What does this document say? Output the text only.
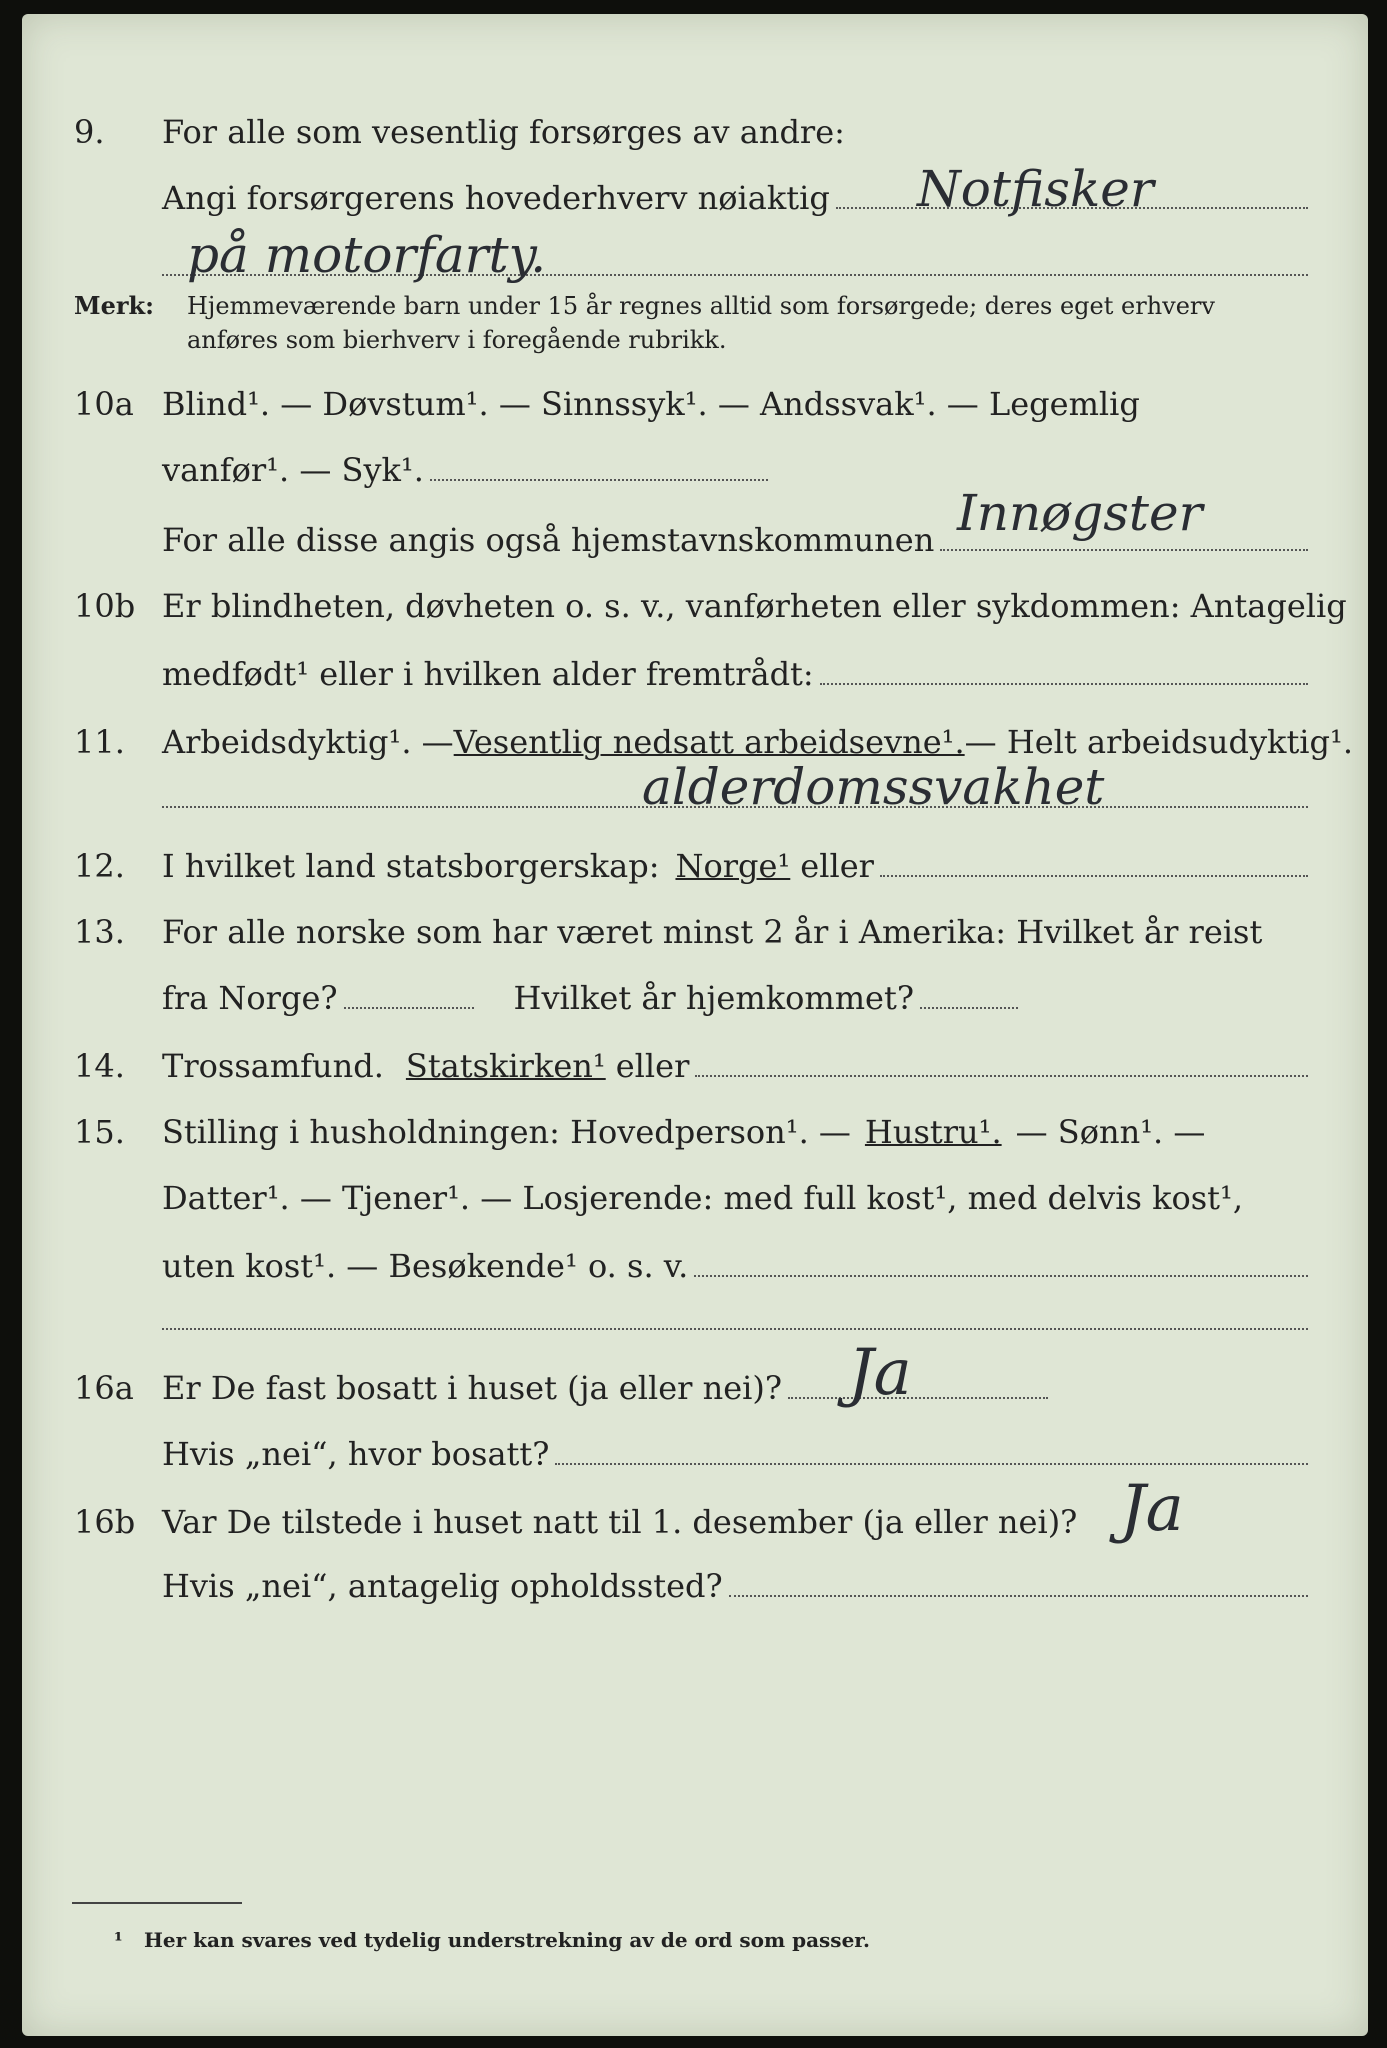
9. For alle som vesentlig forsørges av andre:
Angi forsørgerens hovederhverv nøiaktig Notfisker
på motorfarty.
Merk: Hjemmeværende barn under 15 år regnes alltid som forsørgede; deres eget erhverv
anføres som bierhverv i foregående rubrikk.
10a Blind¹. — Døvstum¹. — Sinnssyk¹. — Andssvak¹. — Legemlig
vanfør¹. — Syk¹.
For alle disse angis også hjemstavnskommunen Innøgster
10b Er blindheten, døvheten o. s. v., vanførheten eller sykdommen: Antagelig
medfødt¹ eller i hvilken alder fremtrådt:
11. Arbeidsdyktig¹. — Vesentlig nedsatt arbeidsevne¹. — Helt arbeidsudyktig¹.
alderdomssvakhet
12. I hvilket land statsborgerskap: Norge¹ eller
13. For alle norske som har været minst 2 år i Amerika: Hvilket år reist
fra Norge?	Hvilket år hjemkommet?
14. Trossamfund. Statskirken¹ eller
15. Stilling i husholdningen: Hovedperson¹. — Hustru¹. — Sønn¹. —
Datter¹. — Tjener¹. — Losjerende: med full kost¹, med delvis kost¹,
uten kost¹. — Besøkende¹ o. s. v.
16a Er De fast bosatt i huset (ja eller nei)? Ja
Hvis „nei“, hvor bosatt?
16b Var De tilstede i huset natt til 1. desember (ja eller nei)? Ja
Hvis „nei“, antagelig opholdssted?
¹ Her kan svares ved tydelig understrekning av de ord som passer.
